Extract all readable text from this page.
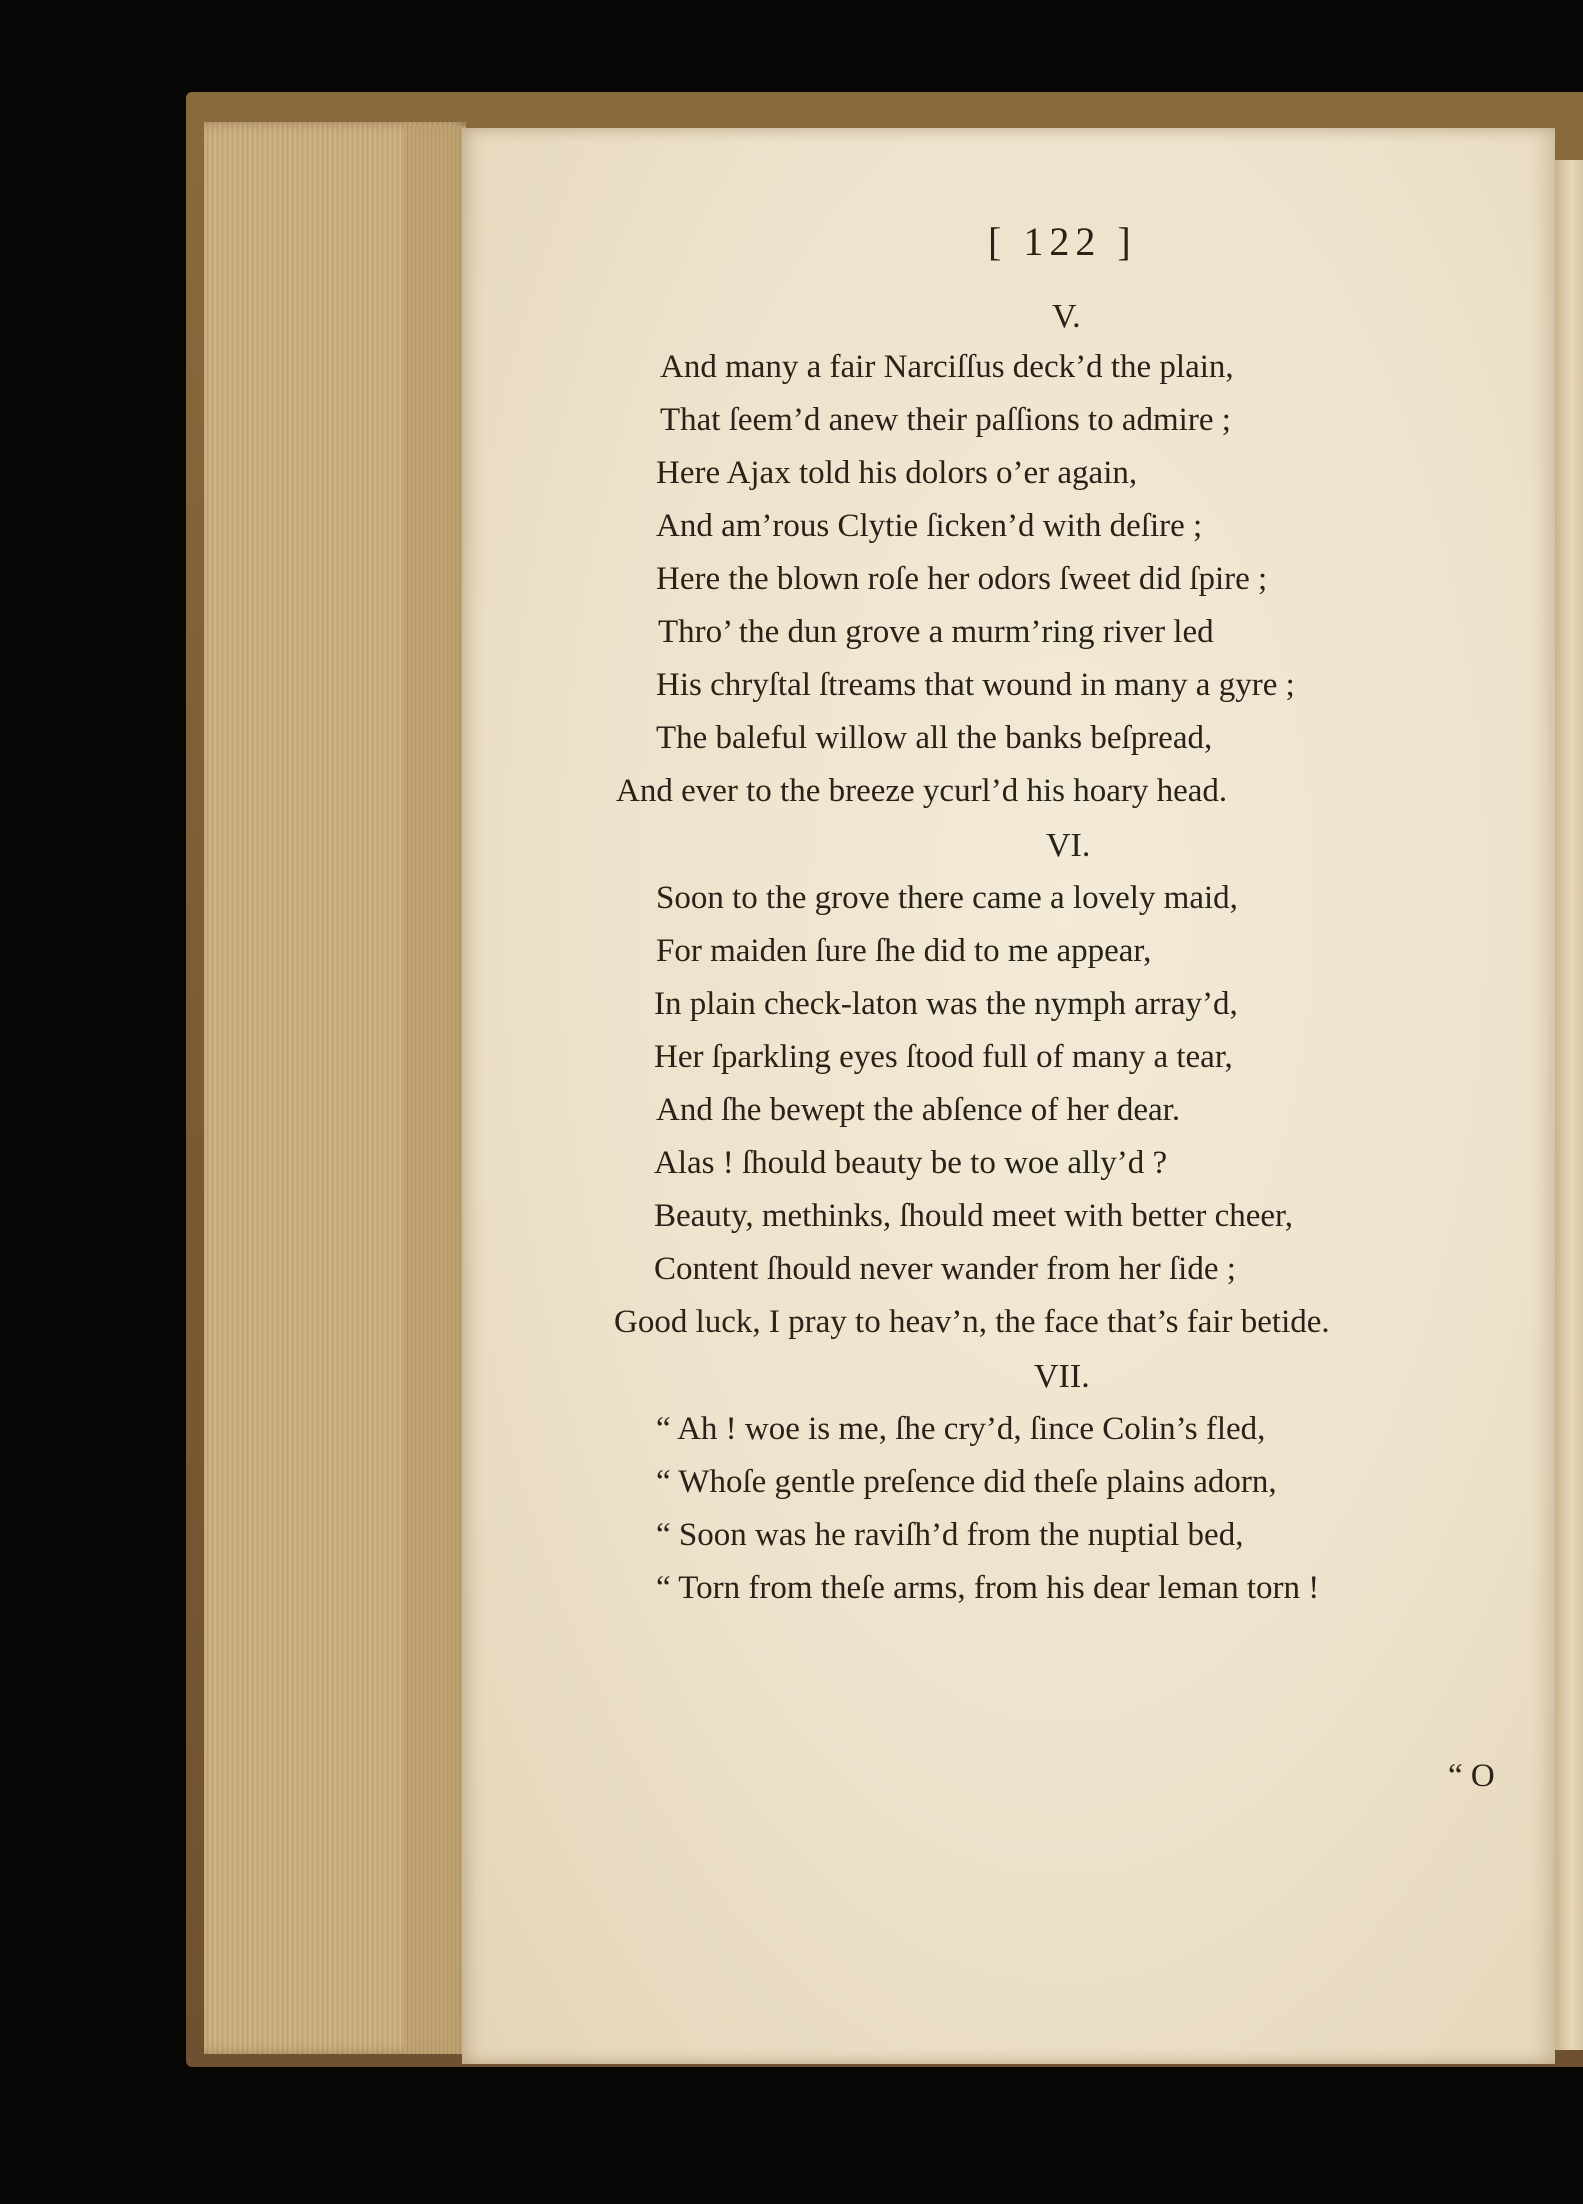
[ 122 ]
V.
And many a fair Narciſſus deck’d the plain,
That ſeem’d anew their paſſions to admire ;
Here Ajax told his dolors o’er again,
And am’rous Clytie ſicken’d with deſire ;
Here the blown roſe her odors ſweet did ſpire ;
Thro’ the dun grove a murm’ring river led
His chryſtal ſtreams that wound in many a gyre ;
The baleful willow all the banks beſpread,
And ever to the breeze ycurl’d his hoary head.
VI.
Soon to the grove there came a lovely maid,
For maiden ſure ſhe did to me appear,
In plain check-laton was the nymph array’d,
Her ſparkling eyes ſtood full of many a tear,
And ſhe bewept the abſence of her dear.
Alas ! ſhould beauty be to woe ally’d ?
Beauty, methinks, ſhould meet with better cheer,
Content ſhould never wander from her ſide ;
Good luck, I pray to heav’n, the face that’s fair betide.
VII.
“ Ah ! woe is me, ſhe cry’d, ſince Colin’s fled,
“ Whoſe gentle preſence did theſe plains adorn,
“ Soon was he raviſh’d from the nuptial bed,
“ Torn from theſe arms, from his dear leman torn !
“ O
